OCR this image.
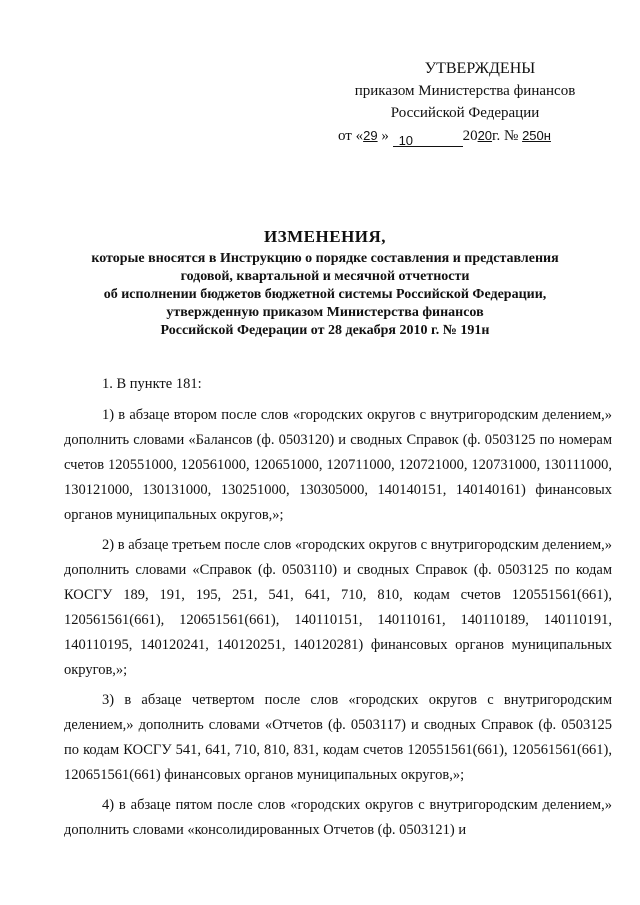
УТВЕРЖДЕНЫ
приказом Министерства финансов
Российской Федерации
от «29 » 10	2020г. № 250н
ИЗМЕНЕНИЯ,
которые вносятся в Инструкцию о порядке составления и представления
годовой, квартальной и месячной отчетности
об исполнении бюджетов бюджетной системы Российской Федерации,
утвержденную приказом Министерства финансов
Российской Федерации от 28 декабря 2010 г. № 191н

1. В пункте 181:

1) в абзаце втором после слов «городских округов с внутригородским делением,» дополнить словами «Балансов (ф. 0503120) и сводных Справок (ф. 0503125 по номерам счетов 120551000, 120561000, 120651000, 120711000, 120721000, 120731000, 130111000, 130121000, 130131000, 130251000, 130305000, 140140151, 140140161) финансовых органов муниципальных округов,»;

2) в абзаце третьем после слов «городских округов с внутригородским делением,» дополнить словами «Справок (ф. 0503110) и сводных Справок (ф. 0503125 по кодам КОСГУ 189, 191, 195, 251, 541, 641, 710, 810, кодам счетов 120551561(661), 120561561(661), 120651561(661), 140110151, 140110161, 140110189, 140110191, 140110195, 140120241, 140120251, 140120281) финансовых органов муниципальных округов,»;

3) в абзаце четвертом после слов «городских округов с внутригородским делением,» дополнить словами «Отчетов (ф. 0503117) и сводных Справок (ф. 0503125 по кодам КОСГУ 541, 641, 710, 810, 831, кодам счетов 120551561(661), 120561561(661), 120651561(661) финансовых органов муниципальных округов,»;

4) в абзаце пятом после слов «городских округов с внутригородским делением,» дополнить словами «консолидированных Отчетов (ф. 0503121) и
